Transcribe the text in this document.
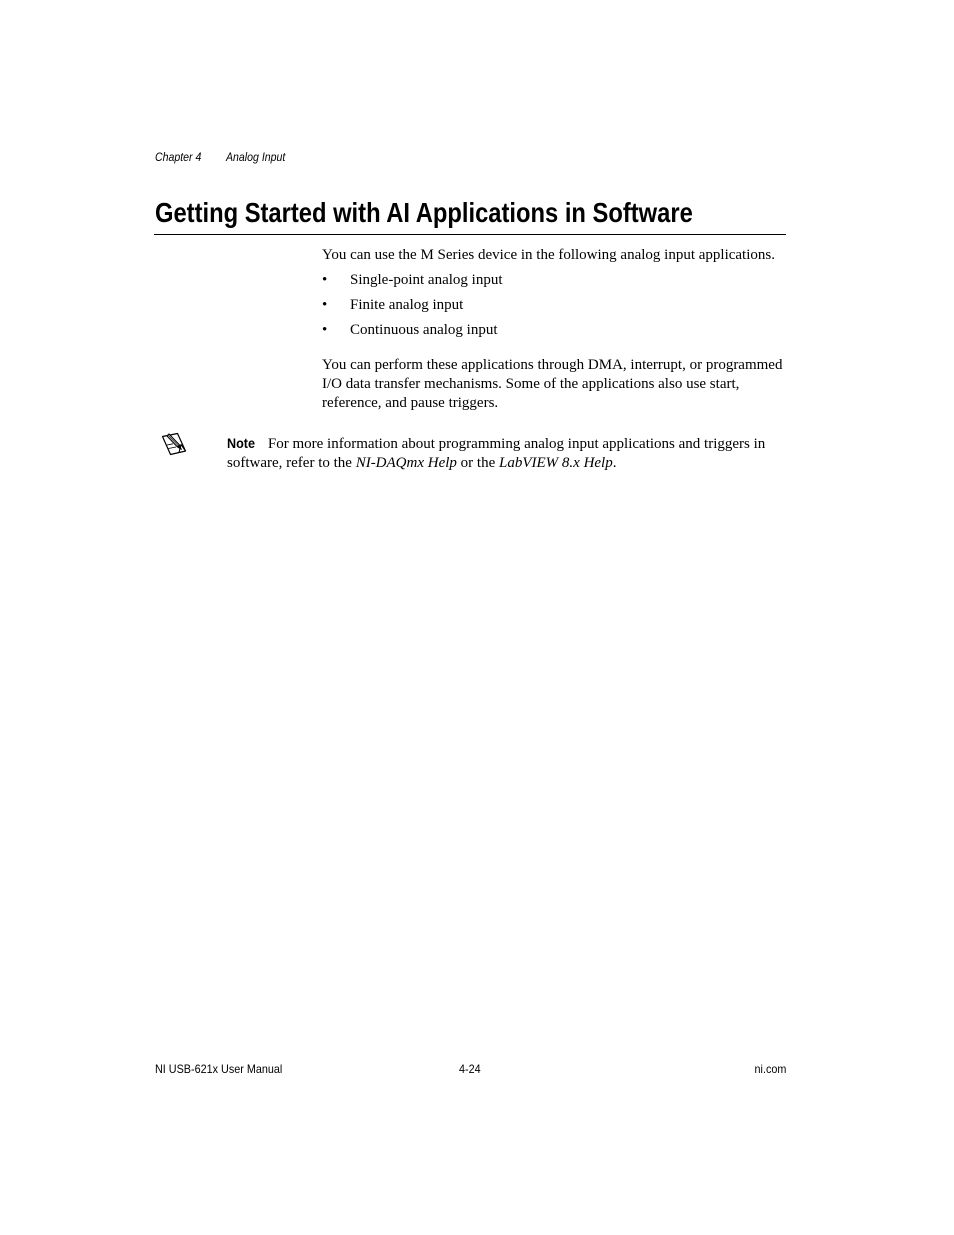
Chapter 4 Analog Input
Getting Started with AI Applications in Software

You can use the M Series device in the following analog input applications.

• Single-point analog input
• Finite analog input
• Continuous analog input

You can perform these applications through DMA, interrupt, or programmed I/O data transfer mechanisms. Some of the applications also use start, reference, and pause triggers.

Note For more information about programming analog input applications and triggers in software, refer to the NI-DAQmx Help or the LabVIEW 8.x Help.
NI USB-621x User Manual	4-24	ni.com
